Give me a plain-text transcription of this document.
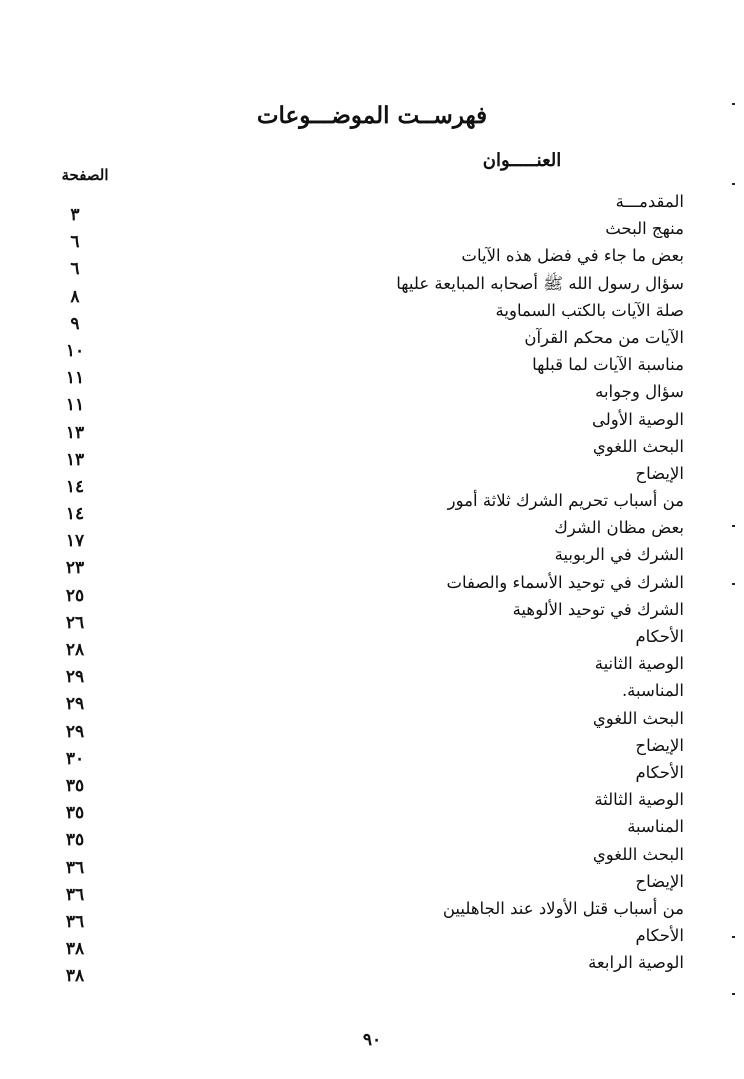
فهرســت الموضـــوعات
العنـــــوان
الصفحة
المقدمـــة
٣
منهج البحث
٦
بعض ما جاء في فضل هذه الآيات
٦
سؤال رسول الله ﷺ أصحابه المبايعة عليها
٨
صلة الآيات بالكتب السماوية
٩
الآيات من محكم القرآن
١٠
مناسبة الآيات لما قبلها
١١
سؤال وجوابه
١١
الوصية الأولى
١٣
البحث اللغوي
١٣
الإيضاح
١٤
من أسباب تحريم الشرك ثلاثة أمور
١٤
بعض مظان الشرك
١٧
الشرك في الربوبية
٢٣
الشرك في توحيد الأسماء والصفات
٢٥
الشرك في توحيد الألوهية
٢٦
الأحكام
٢٨
الوصية الثانية
٢٩
المناسبة.
٢٩
البحث اللغوي
٢٩
الإيضاح
٣٠
الأحكام
٣٥
الوصية الثالثة
٣٥
المناسبة
٣٥
البحث اللغوي
٣٦
الإيضاح
٣٦
من أسباب قتل الأولاد عند الجاهليين
٣٦
الأحكام
٣٨
الوصية الرابعة
٣٨
٩٠
